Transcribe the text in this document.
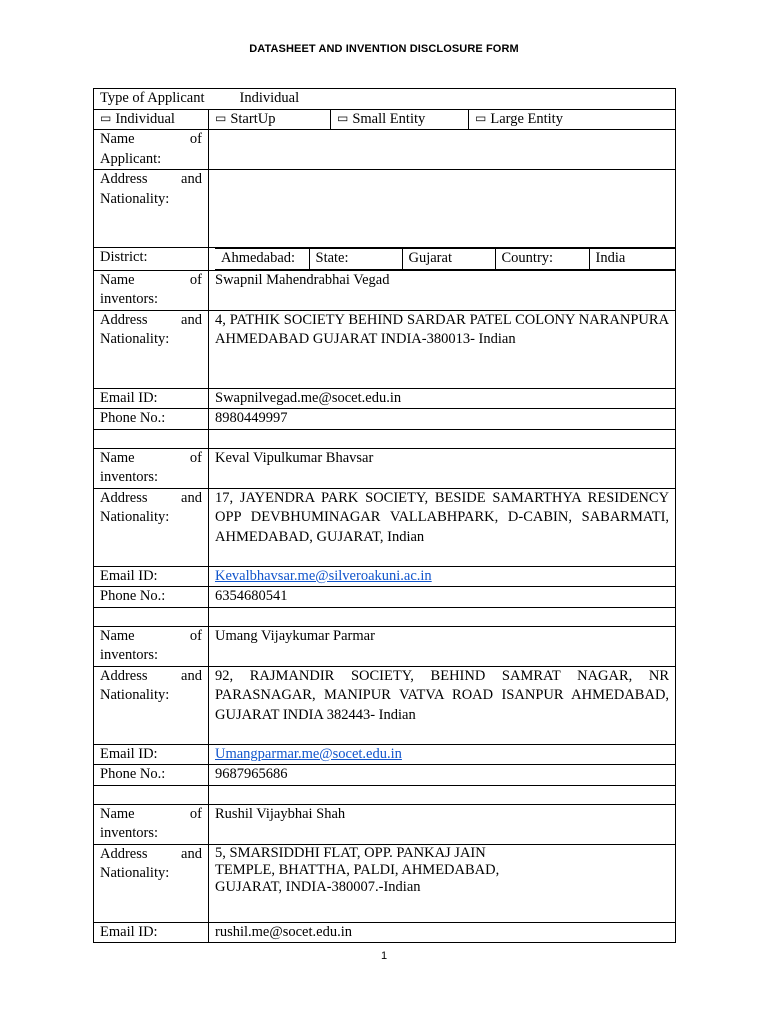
DATASHEET AND INVENTION DISCLOSURE FORM
Type of Applicant Individual
▭ Individual	▭ StartUp	▭ Small Entity	▭ Large Entity

Name of Applicant:

Address and Nationality:

District:		Ahmedabad:	State:	Gujarat	Country:	India

Name of inventors:
	Swapnil Mahendrabhai Vegad

Address and Nationality:
	4, PATHIK SOCIETY BEHIND SARDAR PATEL COLONY NARANPURA AHMEDABAD GUJARAT INDIA-380013- Indian
Email ID:	Swapnilvegad.me@socet.edu.in
Phone No.:	8980449997

Name of inventors:
	Keval Vipulkumar Bhavsar

Address and Nationality:
	17, JAYENDRA PARK SOCIETY, BESIDE SAMARTHYA RESIDENCY OPP DEVBHUMINAGAR VALLABHPARK, D-CABIN, SABARMATI, AHMEDABAD, GUJARAT, Indian
Email ID:	Kevalbhavsar.me@silveroakuni.ac.in
Phone No.:	6354680541

Name of inventors:
	Umang Vijaykumar Parmar

Address and Nationality:
	92, RAJMANDIR SOCIETY, BEHIND SAMRAT NAGAR, NR PARASNAGAR, MANIPUR VATVA ROAD ISANPUR AHMEDABAD, GUJARAT INDIA 382443- Indian
Email ID:	Umangparmar.me@socet.edu.in
Phone No.:	9687965686

Name of inventors:
	Rushil Vijaybhai Shah

Address and Nationality:

5, SMARSIDDHI FLAT, OPP. PANKAJ JAIN
TEMPLE, BHATTHA, PALDI, AHMEDABAD,
GUJARAT, INDIA-380007.-Indian

Email ID:	rushil.me@socet.edu.in
1
